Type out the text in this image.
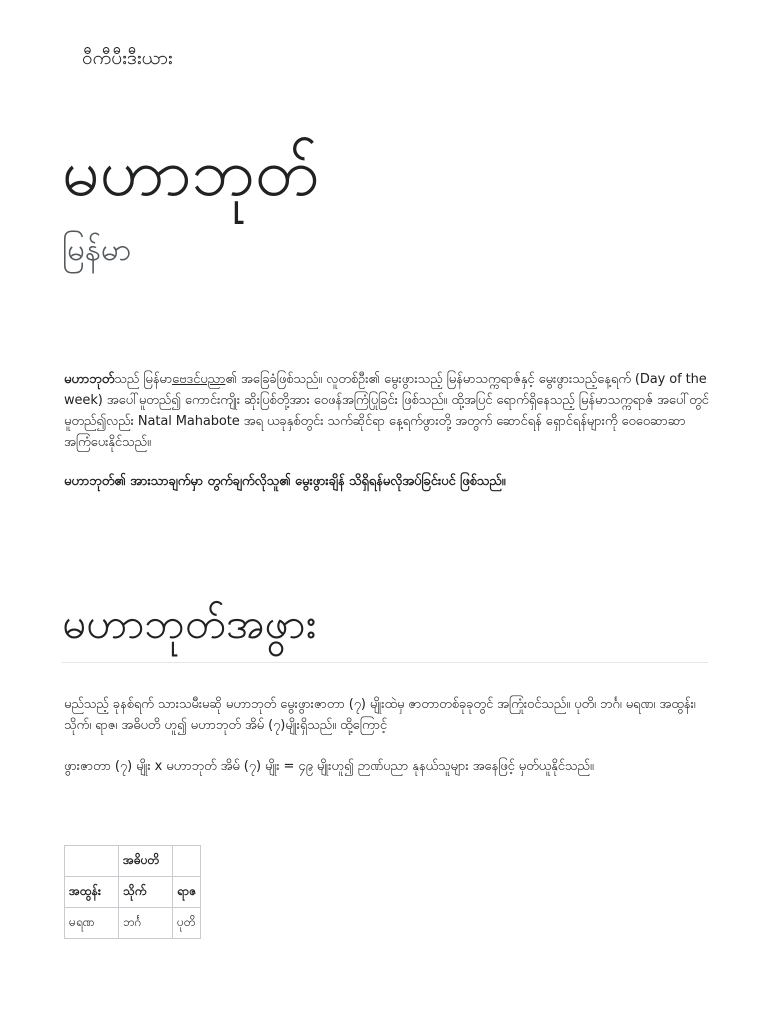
ဝီကီပီးဒီးယား
မဟာဘုတ်
မြန်မာ

မဟာဘုတ်သည် မြန်မာဗေဒင်ပညာ၏ အခြေခံဖြစ်သည်။ လူတစ်ဦး၏ မွေးဖွားသည့် မြန်မာသက္ကရာဇ်နှင့် မွေးဖွားသည့်နေ့ရက် (Day of the week) အပေါ်မူတည်၍ ကောင်းကျိုး ဆိုးပြစ်တို့အား ဝေဖန်အကြံပြုခြင်း ဖြစ်သည်။ ထို့အပြင် ရောက်ရှိနေသည့် မြန်မာသက္ကရာဇ် အပေါ်တွင် မူတည်၍လည်း Natal Mahabote အရ ယခုနှစ်တွင်း သက်ဆိုင်ရာ နေ့ရက်ဖွားတို့ အတွက် ဆောင်ရန် ရှောင်ရန်များကို ဝေဝေဆာဆာ အကြံပေးနိုင်သည်။

မဟာဘုတ်၏ အားသာချက်မှာ တွက်ချက်လိုသူ၏ မွေးဖွားချိန် သိရှိရန်မလိုအပ်ခြင်းပင် ဖြစ်သည်။

မဟာဘုတ်အဖွား

မည်သည့် ခုနစ်ရက် သားသမီးမဆို မဟာဘုတ် မွေးဖွားဇာတာ (၇) မျိုးထဲမှ ဇာတာတစ်ခုခုတွင် အကြုံးဝင်သည်။ ပုတိ၊ ဘင်္ဂ၊ မရဏ၊ အထွန်း၊ သိုက်၊ ရာဇ၊ အဓိပတိ ဟူ၍ မဟာဘုတ် အိမ် (၇)မျိုးရှိသည်။ ထို့ကြောင့်

ဖွားဇာတာ (၇) မျိုး x မဟာဘုတ် အိမ် (၇) မျိုး = ၄၉ မျိုးဟူ၍ ဉာဏ်ပညာ နုနယ်သူများ အနေဖြင့် မှတ်ယူနိုင်သည်။

	အဓိပတိ	
အထွန်း	သိုက်	ရာဇ
မရဏ	ဘင်္ဂ	ပုတိ
